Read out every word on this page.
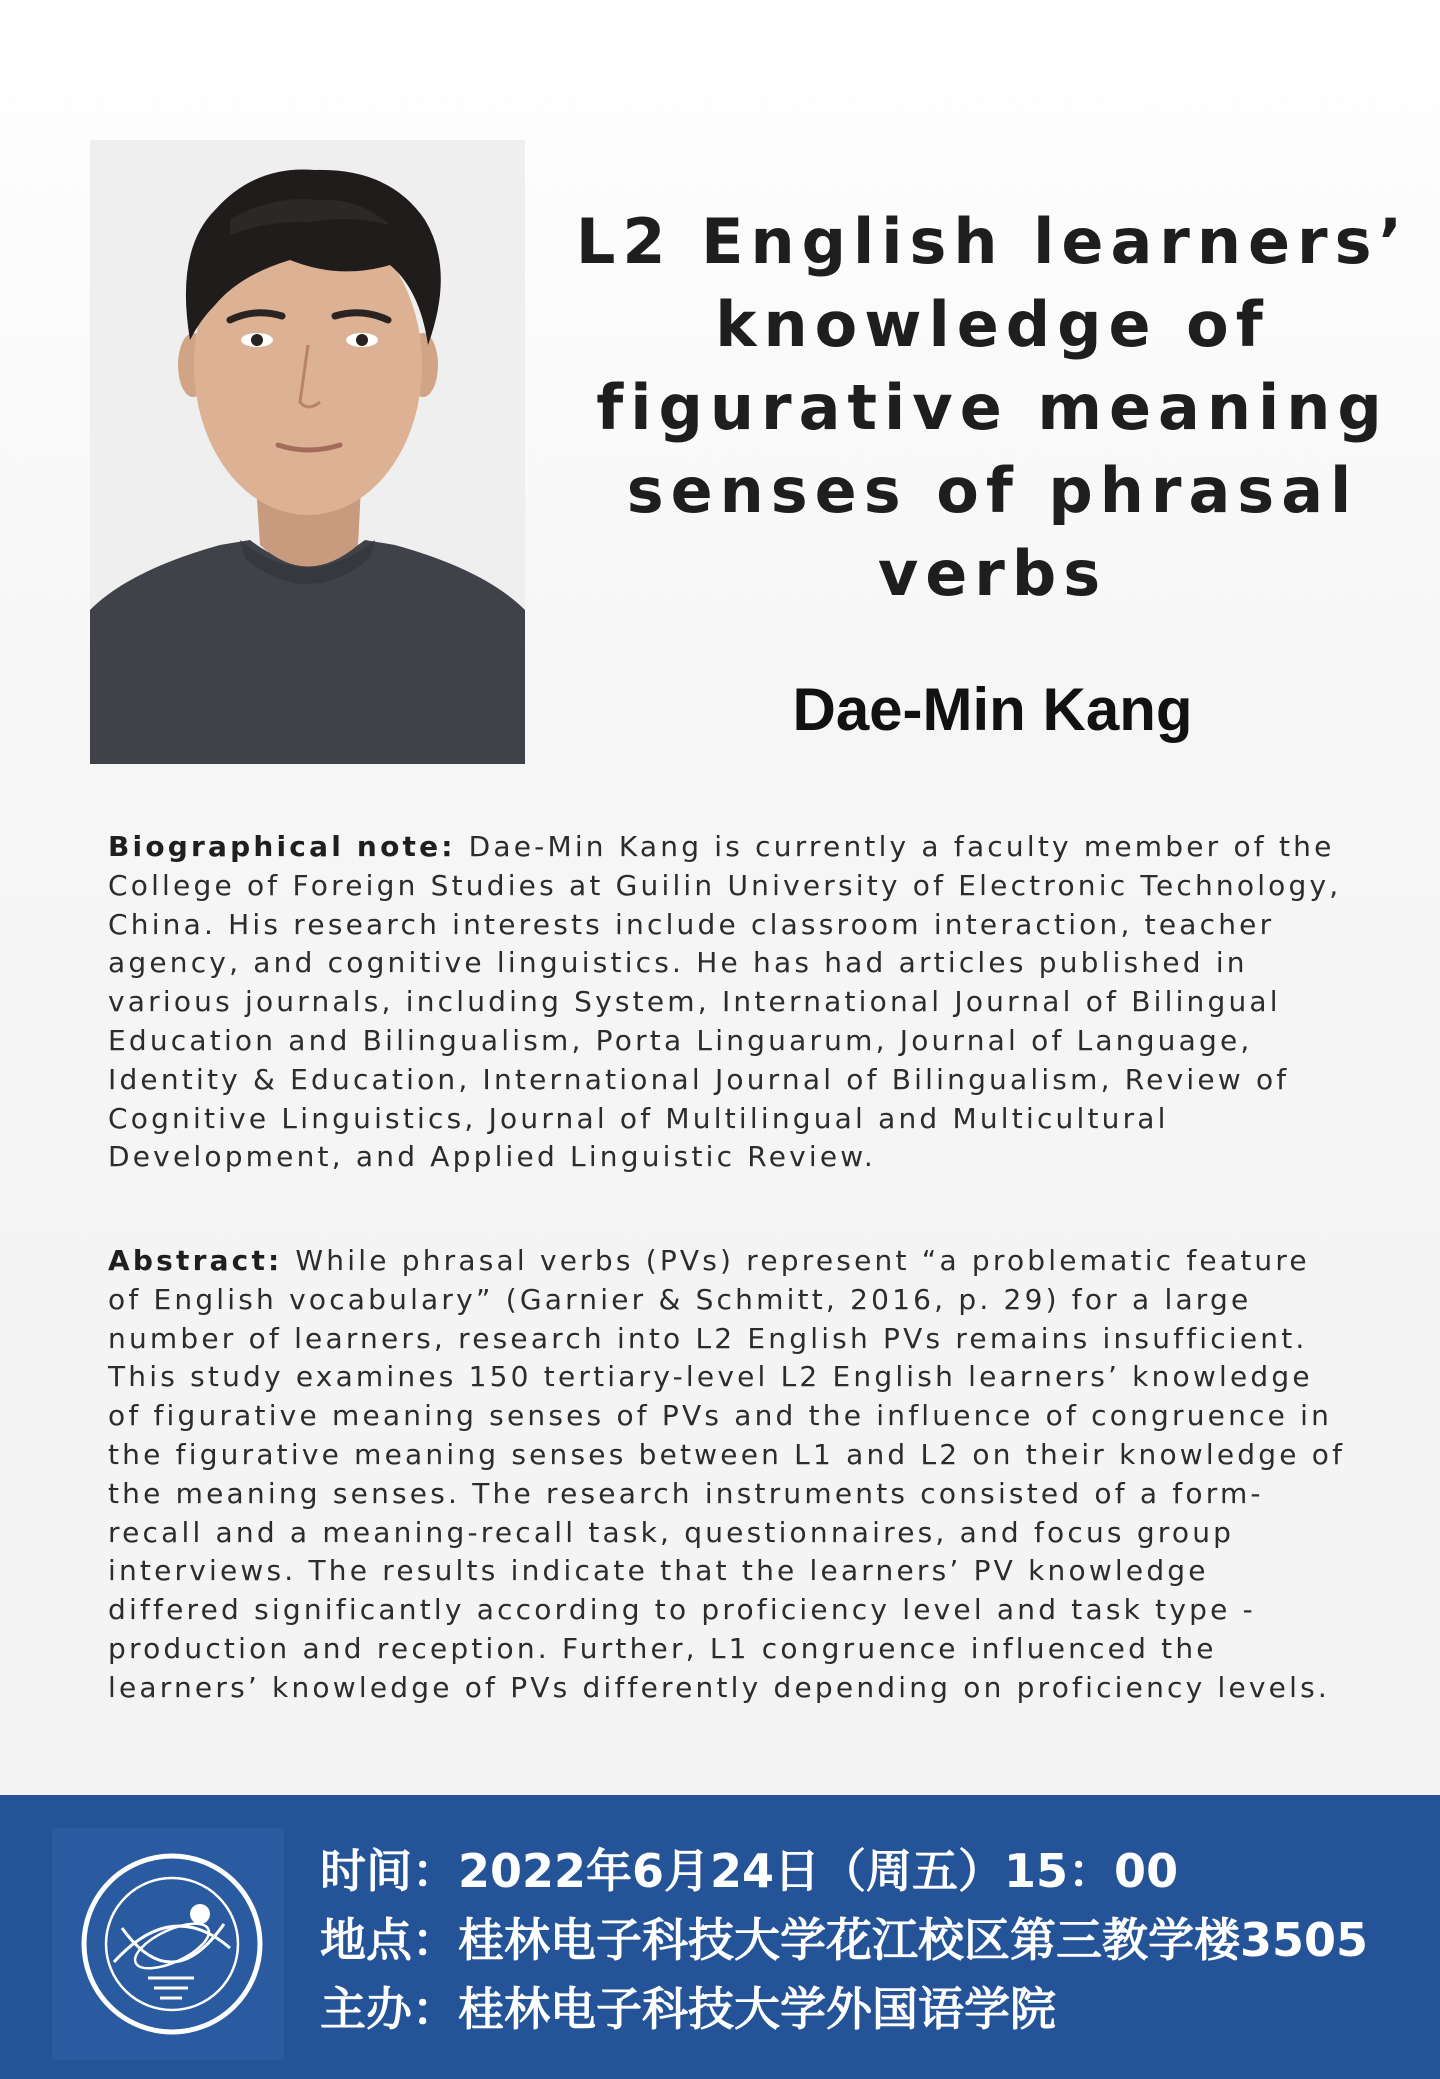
L2 English learners’ knowledge of figurative meaning senses of phrasal verbs
Dae-Min Kang

Biographical note: Dae-Min Kang is currently a faculty member of the College of Foreign Studies at Guilin University of Electronic Technology, China. His research interests include classroom interaction, teacher agency, and cognitive linguistics. He has had articles published in various journals, including System, International Journal of Bilingual Education and Bilingualism, Porta Linguarum, Journal of Language, Identity & Education, International Journal of Bilingualism, Review of Cognitive Linguistics, Journal of Multilingual and Multicultural Development, and Applied Linguistic Review.

Abstract: While phrasal verbs (PVs) represent “a problematic feature of English vocabulary” (Garnier & Schmitt, 2016, p. 29) for a large number of learners, research into L2 English PVs remains insufficient. This study examines 150 tertiary-level L2 English learners’ knowledge of figurative meaning senses of PVs and the influence of congruence in the figurative meaning senses between L1 and L2 on their knowledge of the meaning senses. The research instruments consisted of a form-recall and a meaning-recall task, questionnaires, and focus group interviews. The results indicate that the learners’ PV knowledge differed significantly according to proficiency level and task type - production and reception. Further, L1 congruence influenced the learners’ knowledge of PVs differently depending on proficiency levels.

时间：2022年6月24日（周五）15：00

地点：桂林电子科技大学花江校区第三教学楼3505

主办：桂林电子科技大学外国语学院
